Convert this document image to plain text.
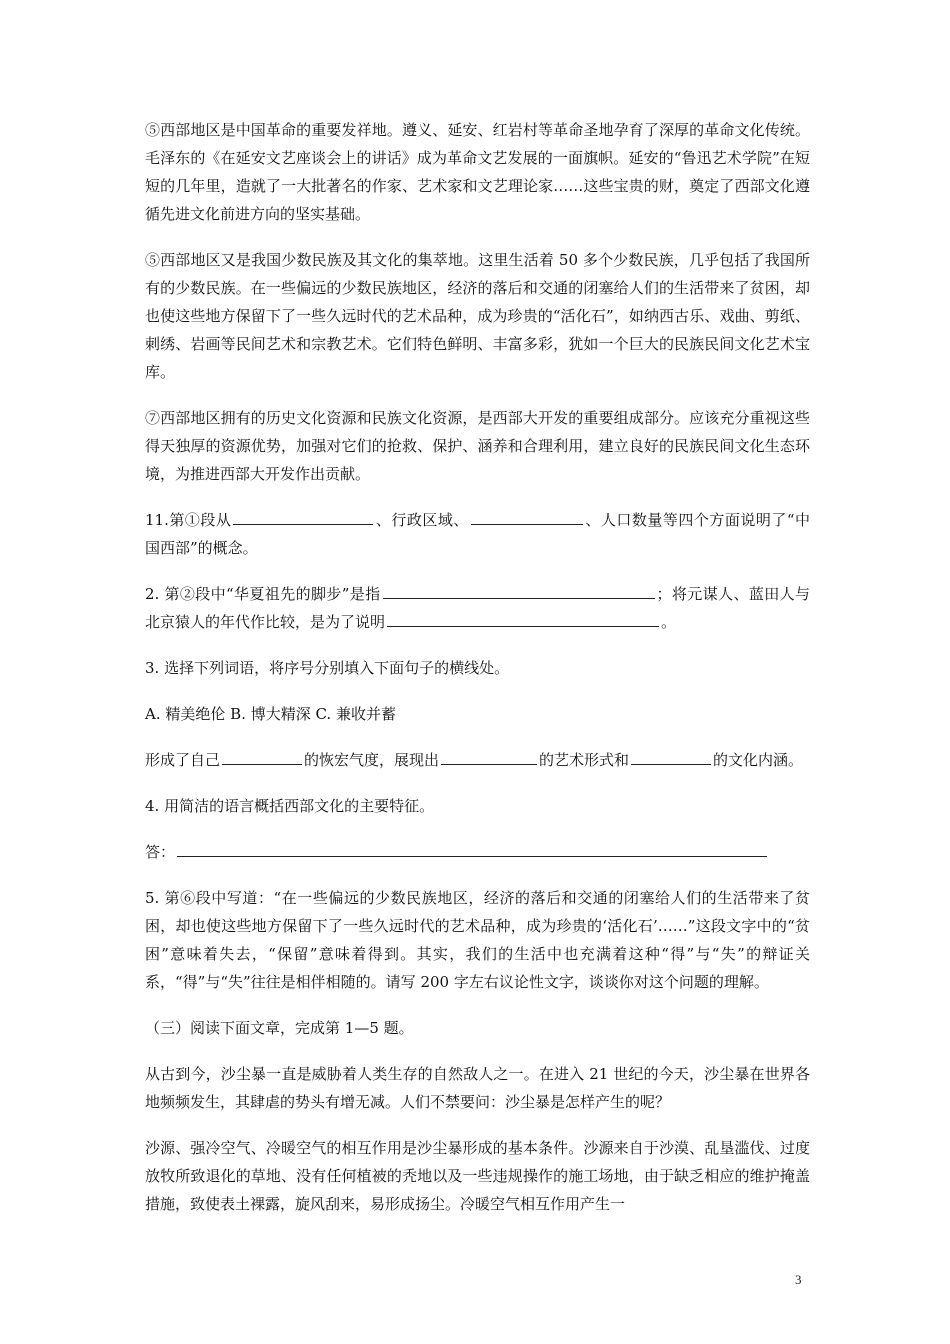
⑤西部地区是中国革命的重要发祥地。遵义、延安、红岩村等革命圣地孕育了深厚的革命文化传统。毛泽东的《在延安文艺座谈会上的讲话》成为革命文艺发展的一面旗帜。延安的“鲁迅艺术学院”在短短的几年里，造就了一大批著名的作家、艺术家和文艺理论家……这些宝贵的财，奠定了西部文化遵循先进文化前进方向的坚实基础。

⑤西部地区又是我国少数民族及其文化的集萃地。这里生活着 50 多个少数民族，几乎包括了我国所有的少数民族。在一些偏远的少数民族地区，经济的落后和交通的闭塞给人们的生活带来了贫困，却也使这些地方保留下了一些久远时代的艺术品种，成为珍贵的“活化石”，如纳西古乐、戏曲、剪纸、刺绣、岩画等民间艺术和宗教艺术。它们特色鲜明、丰富多彩，犹如一个巨大的民族民间文化艺术宝库。

⑦西部地区拥有的历史文化资源和民族文化资源，是西部大开发的重要组成部分。应该充分重视这些得天独厚的资源优势，加强对它们的抢救、保护、涵养和合理利用，建立良好的民族民间文化生态环境，为推进西部大开发作出贡献。

11.第①段从	、行政区域、	、人口数量等四个方面说明了“中国西部”的概念。

2. 第②段中“华夏祖先的脚步”是指	；将元谋人、蓝田人与北京猿人的年代作比较，是为了说明	。

3. 选择下列词语，将序号分别填入下面句子的横线处。

A. 精美绝伦 B. 博大精深 C. 兼收并蓄

形成了自己	的恢宏气度，展现出	的艺术形式和	的文化内涵。

4. 用简洁的语言概括西部文化的主要特征。

答：

5. 第⑥段中写道：“在一些偏远的少数民族地区，经济的落后和交通的闭塞给人们的生活带来了贫困，却也使这些地方保留下了一些久远时代的艺术品种，成为珍贵的‘活化石’……”这段文字中的“贫困”意味着失去，“保留”意味着得到。其实，我们的生活中也充满着这种“得”与“失”的辩证关系，“得”与“失”往往是相伴相随的。请写 200 字左右议论性文字，谈谈你对这个问题的理解。

（三）阅读下面文章，完成第 1—5 题。

从古到今，沙尘暴一直是威胁着人类生存的自然敌人之一。在进入 21 世纪的今天，沙尘暴在世界各地频频发生，其肆虐的势头有增无减。人们不禁要问：沙尘暴是怎样产生的呢？

沙源、强冷空气、冷暖空气的相互作用是沙尘暴形成的基本条件。沙源来自于沙漠、乱垦滥伐、过度放牧所致退化的草地、没有任何植被的秃地以及一些违规操作的施工场地，由于缺乏相应的维护掩盖措施，致使表土裸露，旋风刮来，易形成扬尘。冷暖空气相互作用产生一

3
